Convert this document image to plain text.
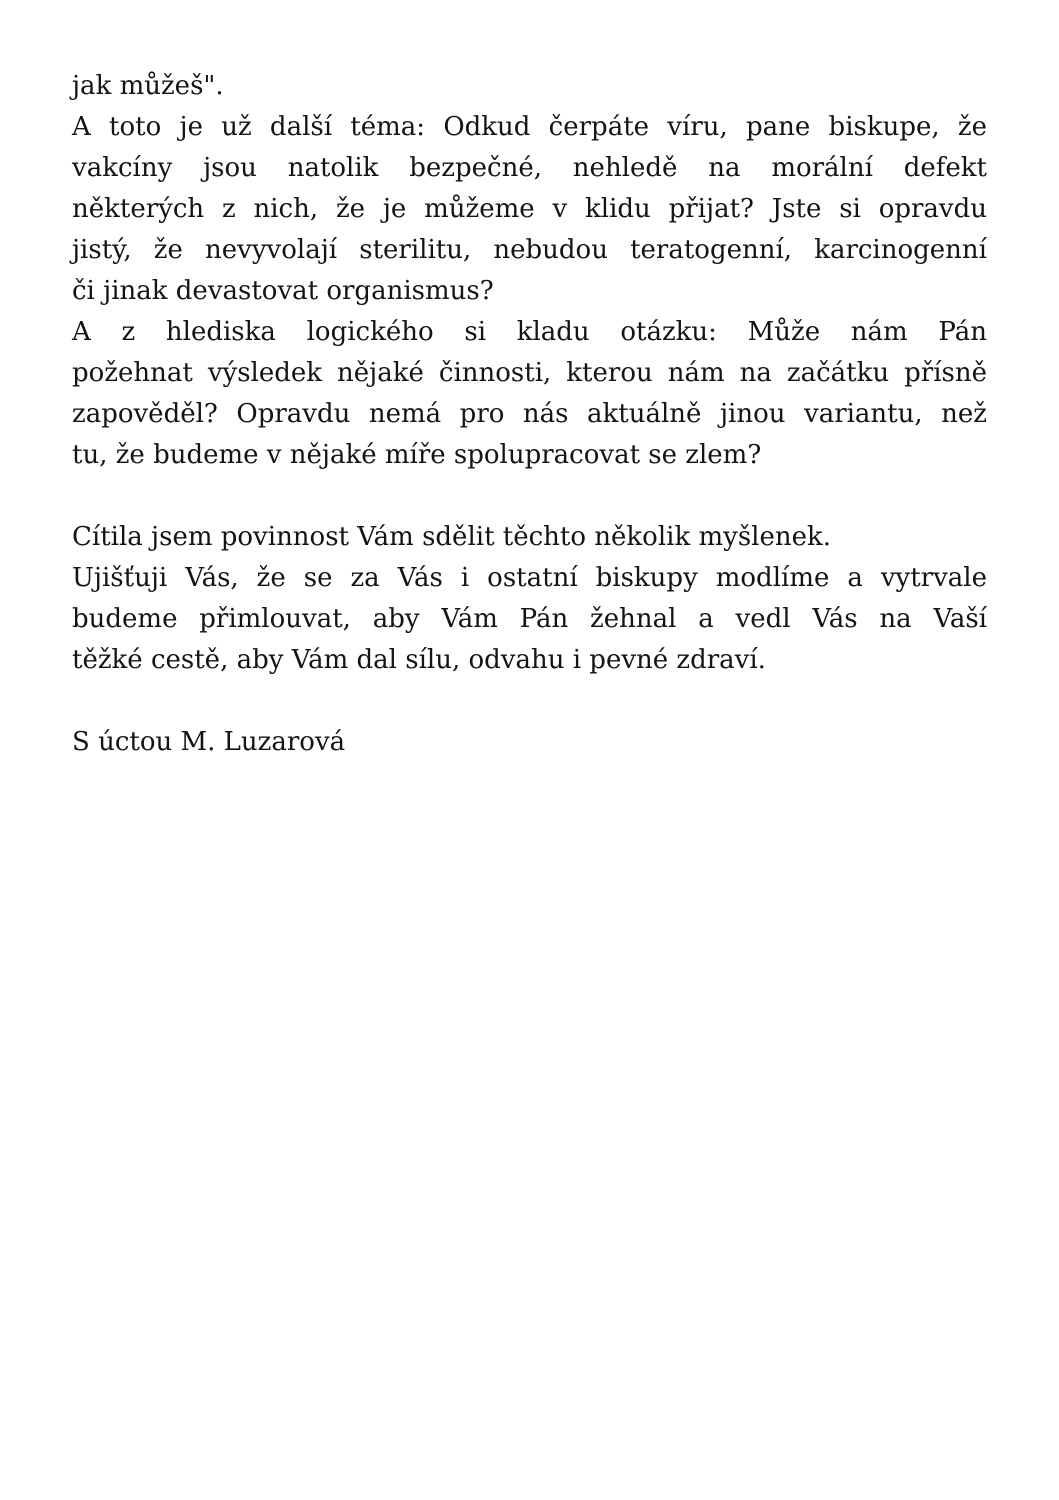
jak můžeš".
A toto je už další téma: Odkud čerpáte víru, pane biskupe, že
vakcíny jsou natolik bezpečné, nehledě na morální defekt
některých z nich, že je můžeme v klidu přijat? Jste si opravdu
jistý, že nevyvolají sterilitu, nebudou teratogenní, karcinogenní
či jinak devastovat organismus?
A z hlediska logického si kladu otázku: Může nám Pán
požehnat výsledek nějaké činnosti, kterou nám na začátku přísně
zapověděl? Opravdu nemá pro nás aktuálně jinou variantu, než
tu, že budeme v nějaké míře spolupracovat se zlem?
Cítila jsem povinnost Vám sdělit těchto několik myšlenek.
Ujišťuji Vás, že se za Vás i ostatní biskupy modlíme a vytrvale
budeme přimlouvat, aby Vám Pán žehnal a vedl Vás na Vaší
těžké cestě, aby Vám dal sílu, odvahu i pevné zdraví.
S úctou M. Luzarová
